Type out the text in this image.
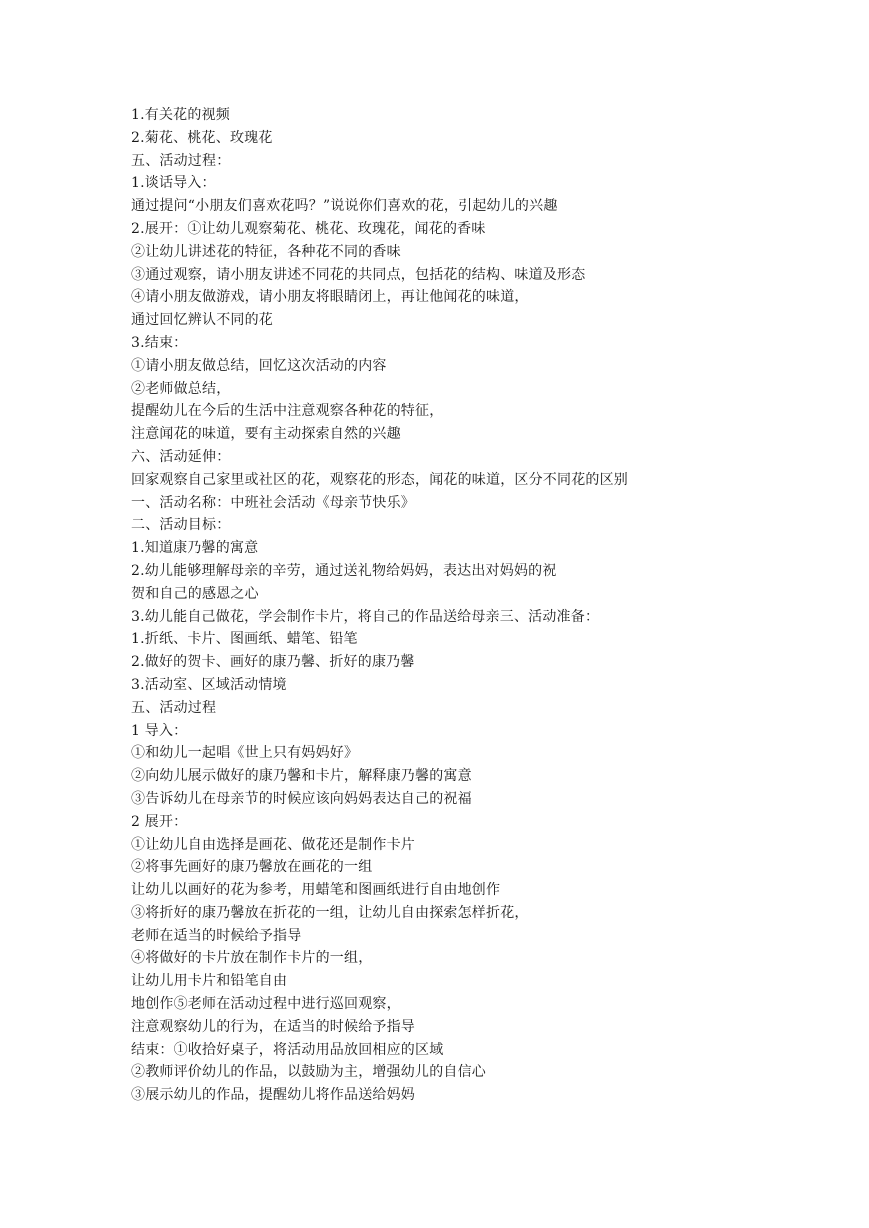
1.有关花的视频
2.菊花、桃花、玫瑰花
五、活动过程：
1.谈话导入：
通过提问“小朋友们喜欢花吗？”说说你们喜欢的花，引起幼儿的兴趣
2.展开：①让幼儿观察菊花、桃花、玫瑰花，闻花的香味
②让幼儿讲述花的特征，各种花不同的香味
③通过观察，请小朋友讲述不同花的共同点，包括花的结构、味道及形态
④请小朋友做游戏，请小朋友将眼睛闭上，再让他闻花的味道，
通过回忆辨认不同的花
3.结束：
①请小朋友做总结，回忆这次活动的内容
②老师做总结，
提醒幼儿在今后的生活中注意观察各种花的特征，
注意闻花的味道，要有主动探索自然的兴趣
六、活动延伸：
回家观察自己家里或社区的花，观察花的形态，闻花的味道，区分不同花的区别
一、活动名称：中班社会活动《母亲节快乐》
二、活动目标：
1.知道康乃馨的寓意
2.幼儿能够理解母亲的辛劳，通过送礼物给妈妈，表达出对妈妈的祝
贺和自己的感恩之心
3.幼儿能自己做花，学会制作卡片，将自己的作品送给母亲三、活动准备：
1.折纸、卡片、图画纸、蜡笔、铅笔
2.做好的贺卡、画好的康乃馨、折好的康乃馨
3.活动室、区域活动情境
五、活动过程
1 导入：
①和幼儿一起唱《世上只有妈妈好》
②向幼儿展示做好的康乃馨和卡片，解释康乃馨的寓意
③告诉幼儿在母亲节的时候应该向妈妈表达自己的祝福
2 展开：
①让幼儿自由选择是画花、做花还是制作卡片
②将事先画好的康乃馨放在画花的一组
让幼儿以画好的花为参考，用蜡笔和图画纸进行自由地创作
③将折好的康乃馨放在折花的一组，让幼儿自由探索怎样折花，
老师在适当的时候给予指导
④将做好的卡片放在制作卡片的一组，
让幼儿用卡片和铅笔自由
地创作⑤老师在活动过程中进行巡回观察，
注意观察幼儿的行为，在适当的时候给予指导
结束：①收拾好桌子，将活动用品放回相应的区域
②教师评价幼儿的作品，以鼓励为主，增强幼儿的自信心
③展示幼儿的作品，提醒幼儿将作品送给妈妈
